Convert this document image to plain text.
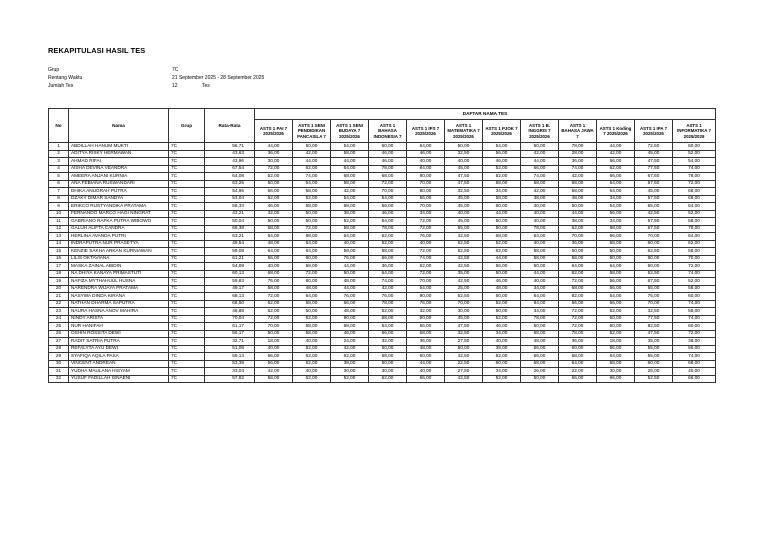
REKAPITULASI HASIL TES
Grup	7C
Rentang Waktu	21 September 2025 - 28 September 2025
Jumlah Tes	12	Tes
No	Nama	Grup	Rata-Rata	DAFTAR NAMA TES											
				ASTS 1 PAI 7 2025/2026	ASTS 1 SENI PENDIDIKAN PANCASILA 7	ASTS 1 SENI BUDAYA 7 2025/2026	ASTS 1 BAHASA INDONESIA 7	ASTS 1 IPS 7 2025/2026	ASTS 1 MATEMATIKA 7 2025/2026	ASTS 1 PJOK 7 2025/2026	ASTS 1 B. INGGRIS 7 2025/2026	ASTS 1 BAHASA JAWA 7	ASTS 1 Koding 7 2025/2026	ASTS 1 IPA 7 2025/2026	ASTS 1 INFORMATIKA 7 2025/2026
1	ABDILLAH HANUM MUKTI	7C	56,71	44,00	50,00	54,00	60,00	64,00	50,00	54,00	50,00	78,00	44,00	72,50	60,00
2	ADITYA RISKY HERMAWAN	7C	43,63	36,00	42,00	58,00	46,00	46,00	32,50	56,00	42,00	28,00	42,00	45,00	52,00
3	AHMAD RIFAI	7C	43,96	30,00	44,00	44,00	46,00	40,00	40,00	46,00	44,00	36,00	56,00	47,50	54,00
4	AISHA DEVINA VEANDRA	7C	67,54	72,00	62,00	64,00	78,00	84,00	45,00	52,00	66,00	74,00	62,00	77,50	74,00
5	AMEERA ANJANI KURNIA	7C	64,08	52,00	74,00	68,00	68,00	80,00	47,50	52,00	74,00	42,00	66,00	67,50	78,00
6	ANA FEBIANA RUSWANDARI	7C	63,25	50,00	54,00	58,00	72,00	70,00	47,50	68,00	68,00	68,00	64,00	67,50	72,00
7	DHIKA ANUGRAH PUTRA	7C	54,96	66,00	58,00	42,00	70,00	80,00	32,50	34,00	42,00	58,00	64,00	45,00	68,00
8	DZAKY DIMAR SANDYA	7C	53,04	52,00	52,00	54,00	54,00	66,00	45,00	58,00	38,00	48,00	34,00	57,50	68,00
9	ERIKCO RUSTYANDIKA PRATAMA	7C	56,33	46,00	58,00	68,00	56,00	70,00	45,00	60,00	40,00	50,00	54,00	65,00	64,00
10	FERNANDO MARCO HAGI NINGRAT	7C	43,21	32,00	50,00	38,00	46,00	34,00	40,00	44,00	40,00	44,00	56,00	42,50	52,00
11	GABRIANO RAFKA PUTRA WIBOWO	7C	50,04	50,00	50,00	52,00	54,00	72,00	45,00	50,00	40,00	38,00	34,00	57,50	58,00
12	GALUH ALIFTA CANDRA	7C	66,38	58,00	72,00	58,00	78,00	72,00	55,00	50,00	78,00	62,00	68,00	67,50	78,00
13	HERLINA AVANDA PUTRI	7C	63,21	54,00	68,00	64,00	62,00	76,00	42,50	68,00	64,00	70,00	56,00	70,00	64,00
14	INDRAPUTRA NUR PRASETYA	7C	49,54	48,00	54,00	40,00	52,00	40,00	52,50	52,00	40,00	36,00	58,00	60,00	62,00
15	KENZIE SAKHA ARKAN KURNIAWAN	7C	59,08	64,00	64,00	58,00	58,00	72,00	52,50	62,00	58,00	50,00	50,00	62,50	58,00
16	LILIS OKTAVIANA	7C	61,21	56,00	60,00	76,00	66,00	74,00	42,50	44,00	58,00	58,00	50,00	80,00	70,00
17	MASKA ZAINAL ABIDIN	7C	54,08	40,00	58,00	44,00	36,00	62,00	42,50	56,00	50,00	64,00	64,00	60,00	72,00
18	NA DHIYA KANAYA PRIMASTUTI	7C	60,13	68,00	72,00	50,00	64,00	72,00	35,00	50,00	44,00	82,00	58,00	52,50	74,00
19	NAFIZA MYTHAHUUL HUSNA	7C	59,83	76,00	80,00	48,00	74,00	70,00	42,50	46,00	40,00	72,00	56,00	67,50	52,00
20	NARENDRA WIJAYA PRATAMA	7C	49,17	58,00	48,00	44,00	42,00	54,00	25,00	48,00	34,00	68,00	56,00	55,00	58,00
21	NASYWA DINDA KIRANA	7C	68,13	72,00	64,00	76,00	76,00	90,00	52,50	50,00	64,00	82,00	54,00	75,00	60,00
22	NATHAN DHARMA SAPUTRA	7C	68,50	62,00	58,00	66,00	78,00	76,00	70,00	52,00	84,00	66,00	66,00	70,00	74,00
23	NAURA HASNA ANOV MAHIRA	7C	46,88	52,00	50,00	48,00	52,00	32,00	30,00	50,00	34,00	72,00	52,00	32,50	58,00
24	NINDY ARISTA	7C	70,04	72,00	62,00	90,00	68,00	90,00	45,00	52,00	78,00	72,00	60,00	77,50	74,00
25	NUR HANIFAH	7C	61,17	70,00	58,00	68,00	54,00	66,00	47,50	46,00	50,00	72,00	60,00	82,50	60,00
26	OSHIN ROSSITA DEWI	7C	56,17	50,00	58,00	46,00	66,00	68,00	32,50	34,00	68,00	78,00	52,00	47,50	72,00
27	RADIT SATRIA PUTRA	7C	32,71	18,00	40,00	24,00	32,00	36,00	27,50	40,00	48,00	36,00	18,00	35,00	38,00
28	REFALYTA AYU DEWI	7C	51,08	40,00	52,00	42,00	50,00	48,00	50,00	38,00	66,00	60,00	56,00	55,00	56,00
29	SYAFIQA AQILA PASA	7C	59,13	56,00	62,00	62,00	58,00	60,00	42,50	52,00	66,00	58,00	64,00	55,00	74,00
30	VINCENT ANDREAN	7C	53,38	56,00	52,00	38,00	50,00	44,00	22,50	60,00	68,00	64,00	58,00	60,00	68,00
31	YUDHA MAULANA HISYAM	7C	33,04	42,00	40,00	30,00	30,00	40,00	27,50	34,00	26,00	22,00	30,00	25,00	40,00
32	YUSUF FADILLAH ISNAENI	7C	57,92	58,00	62,00	52,00	62,00	66,00	42,50	52,00	50,00	66,00	66,00	52,50	66,00
